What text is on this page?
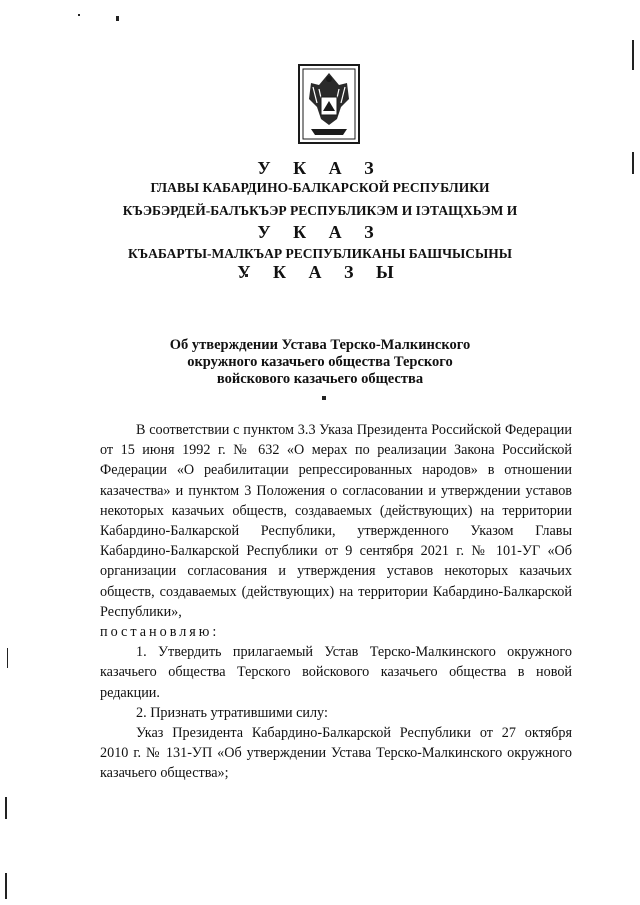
У К А З
ГЛАВЫ КАБАРДИНО-БАЛКАРСКОЙ РЕСПУБЛИКИ
КЪЭБЭРДЕЙ-БАЛЪКЪЭР РЕСПУБЛИКЭМ И ІЭТАЩХЬЭМ И
У К А З
КЪАБАРТЫ-МАЛКЪАР РЕСПУБЛИКАНЫ БАШЧЫСЫНЫ
У К А З Ы
Об утверждении Устава Терско-Малкинского
окружного казачьего общества Терского
войскового казачьего общества

В соответствии с пунктом 3.3 Указа Президента Российской Федерации от 15 июня 1992 г. № 632 «О мерах по реализации Закона Российской Федерации «О реабилитации репрессированных народов» в отношении казачества» и пунктом 3 Положения о согласовании и утверждении уставов некоторых казачьих обществ, создаваемых (действующих) на территории Кабардино-Балкарской Республики, утвержденного Указом Главы Кабардино-Балкарской Республики от 9 сентября 2021 г. № 101-УГ «Об организации согласования и утверждения уставов некоторых казачьих обществ, создаваемых (действующих) на территории Кабардино-Балкарской Республики»,

постановляю:

1. Утвердить прилагаемый Устав Терско-Малкинского окружного казачьего общества Терского войскового казачьего общества в новой редакции.

2. Признать утратившими силу:

Указ Президента Кабардино-Балкарской Республики от 27 октября 2010 г. № 131-УП «Об утверждении Устава Терско-Малкинского окружного казачьего общества»;
